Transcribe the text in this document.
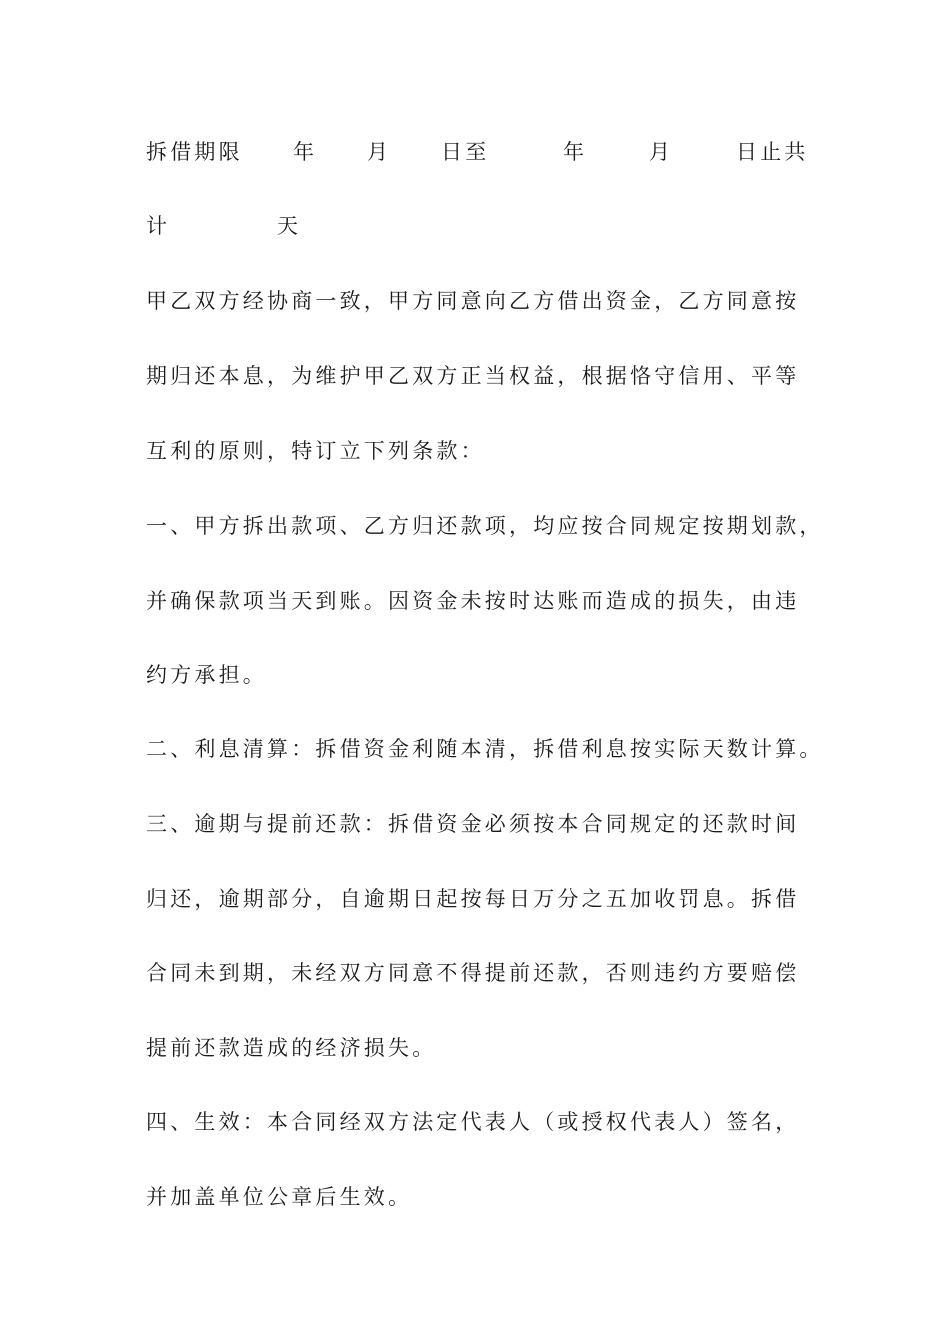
拆借期限 年 月 日至	年	月	日止共
计	天
甲乙双方经协商一致，甲方同意向乙方借出资金，乙方同意按
期归还本息，为维护甲乙双方正当权益，根据恪守信用、平等
互利的原则，特订立下列条款：
一、甲方拆出款项、乙方归还款项，均应按合同规定按期划款，
并确保款项当天到账。因资金未按时达账而造成的损失，由违
约方承担。
二、利息清算：拆借资金利随本清，拆借利息按实际天数计算。
三、逾期与提前还款：拆借资金必须按本合同规定的还款时间
归还，逾期部分，自逾期日起按每日万分之五加收罚息。拆借
合同未到期，未经双方同意不得提前还款，否则违约方要赔偿
提前还款造成的经济损失。
四、生效：本合同经双方法定代表人（或授权代表人）签名，
并加盖单位公章后生效。
